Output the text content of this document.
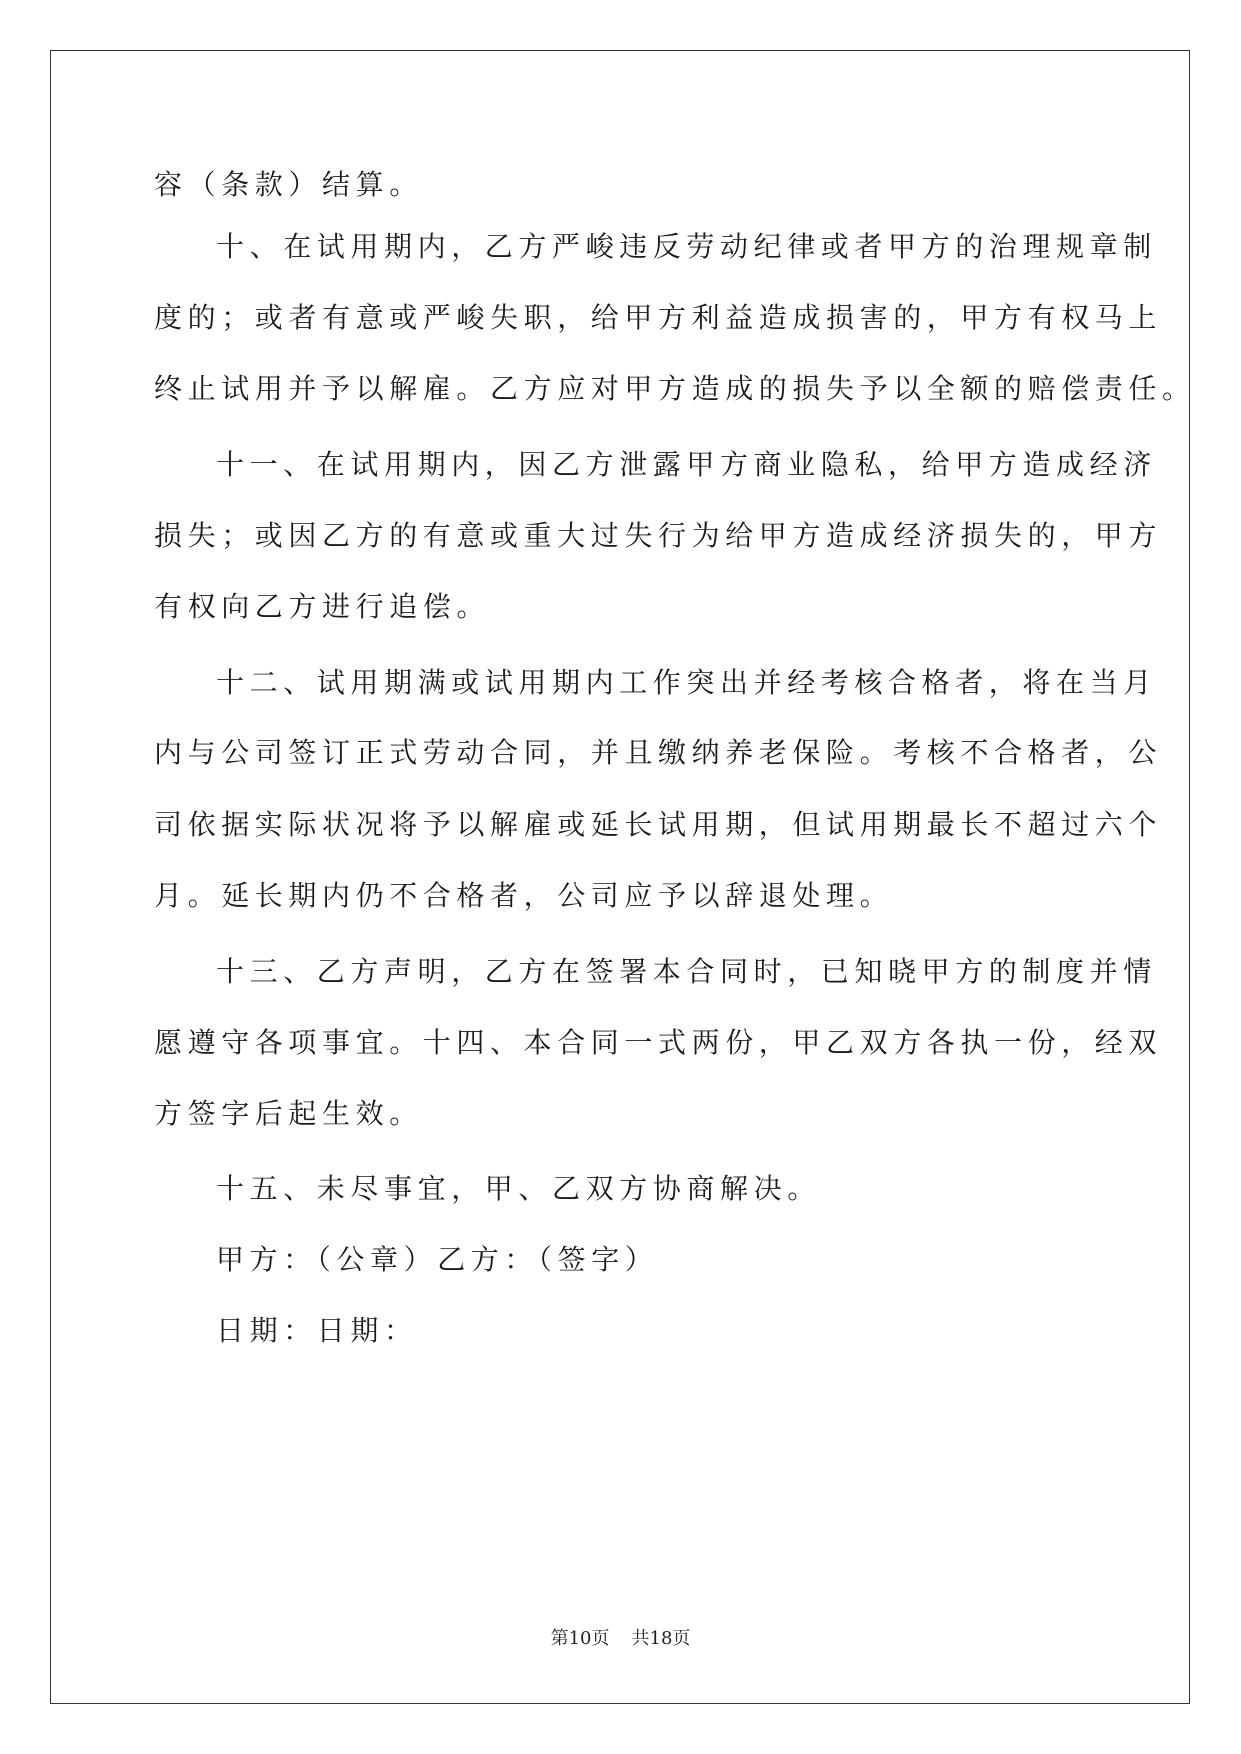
容（条款）结算。
十、在试用期内，乙方严峻违反劳动纪律或者甲方的治理规章制
度的；或者有意或严峻失职，给甲方利益造成损害的，甲方有权马上
终止试用并予以解雇。乙方应对甲方造成的损失予以全额的赔偿责任。
十一、在试用期内，因乙方泄露甲方商业隐私，给甲方造成经济
损失；或因乙方的有意或重大过失行为给甲方造成经济损失的，甲方
有权向乙方进行追偿。
十二、试用期满或试用期内工作突出并经考核合格者，将在当月
内与公司签订正式劳动合同，并且缴纳养老保险。考核不合格者，公
司依据实际状况将予以解雇或延长试用期，但试用期最长不超过六个
月。延长期内仍不合格者，公司应予以辞退处理。
十三、乙方声明，乙方在签署本合同时，已知晓甲方的制度并情
愿遵守各项事宜。十四、本合同一式两份，甲乙双方各执一份，经双
方签字后起生效。
十五、未尽事宜，甲、乙双方协商解决。
甲方：（公章）乙方：（签字）
日期：日期：
第10页 共18页
